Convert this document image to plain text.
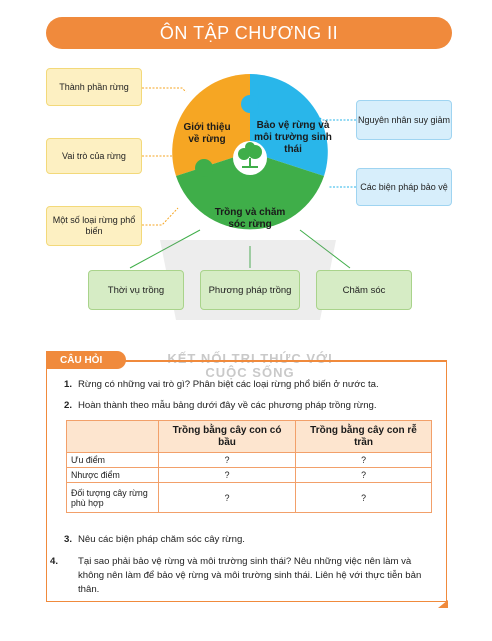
ÔN TẬP CHƯƠNG II
Giới thiệu về rừng
Bảo vệ rừng và môi trường sinh thái
Trồng và chăm sóc rừng
Thành phần rừng
Vai trò của rừng
Một số loại rừng phổ biến
Nguyên nhân suy giảm
Các biện pháp bảo vệ
Thời vụ trồng	Phương pháp trồng	Chăm sóc
KẾT NỐI TRI THỨC VỚI CUỘC SỐNG
CÂU HỎI
1. Rừng có những vai trò gì? Phân biệt các loại rừng phổ biến ở nước ta.
2. Hoàn thành theo mẫu bảng dưới đây về các phương pháp trồng rừng.
	Trồng bằng cây con có bầu	Trồng bằng cây con rễ trần
Ưu điểm	?	?
Nhược điểm	?	?
Đối tượng cây rừng phù hợp	?	?
3. Nêu các biện pháp chăm sóc cây rừng.
4. Tại sao phải bảo vệ rừng và môi trường sinh thái? Nêu những việc nên làm và không nên làm để bảo vệ rừng và môi trường sinh thái. Liên hệ với thực tiễn bản thân.
